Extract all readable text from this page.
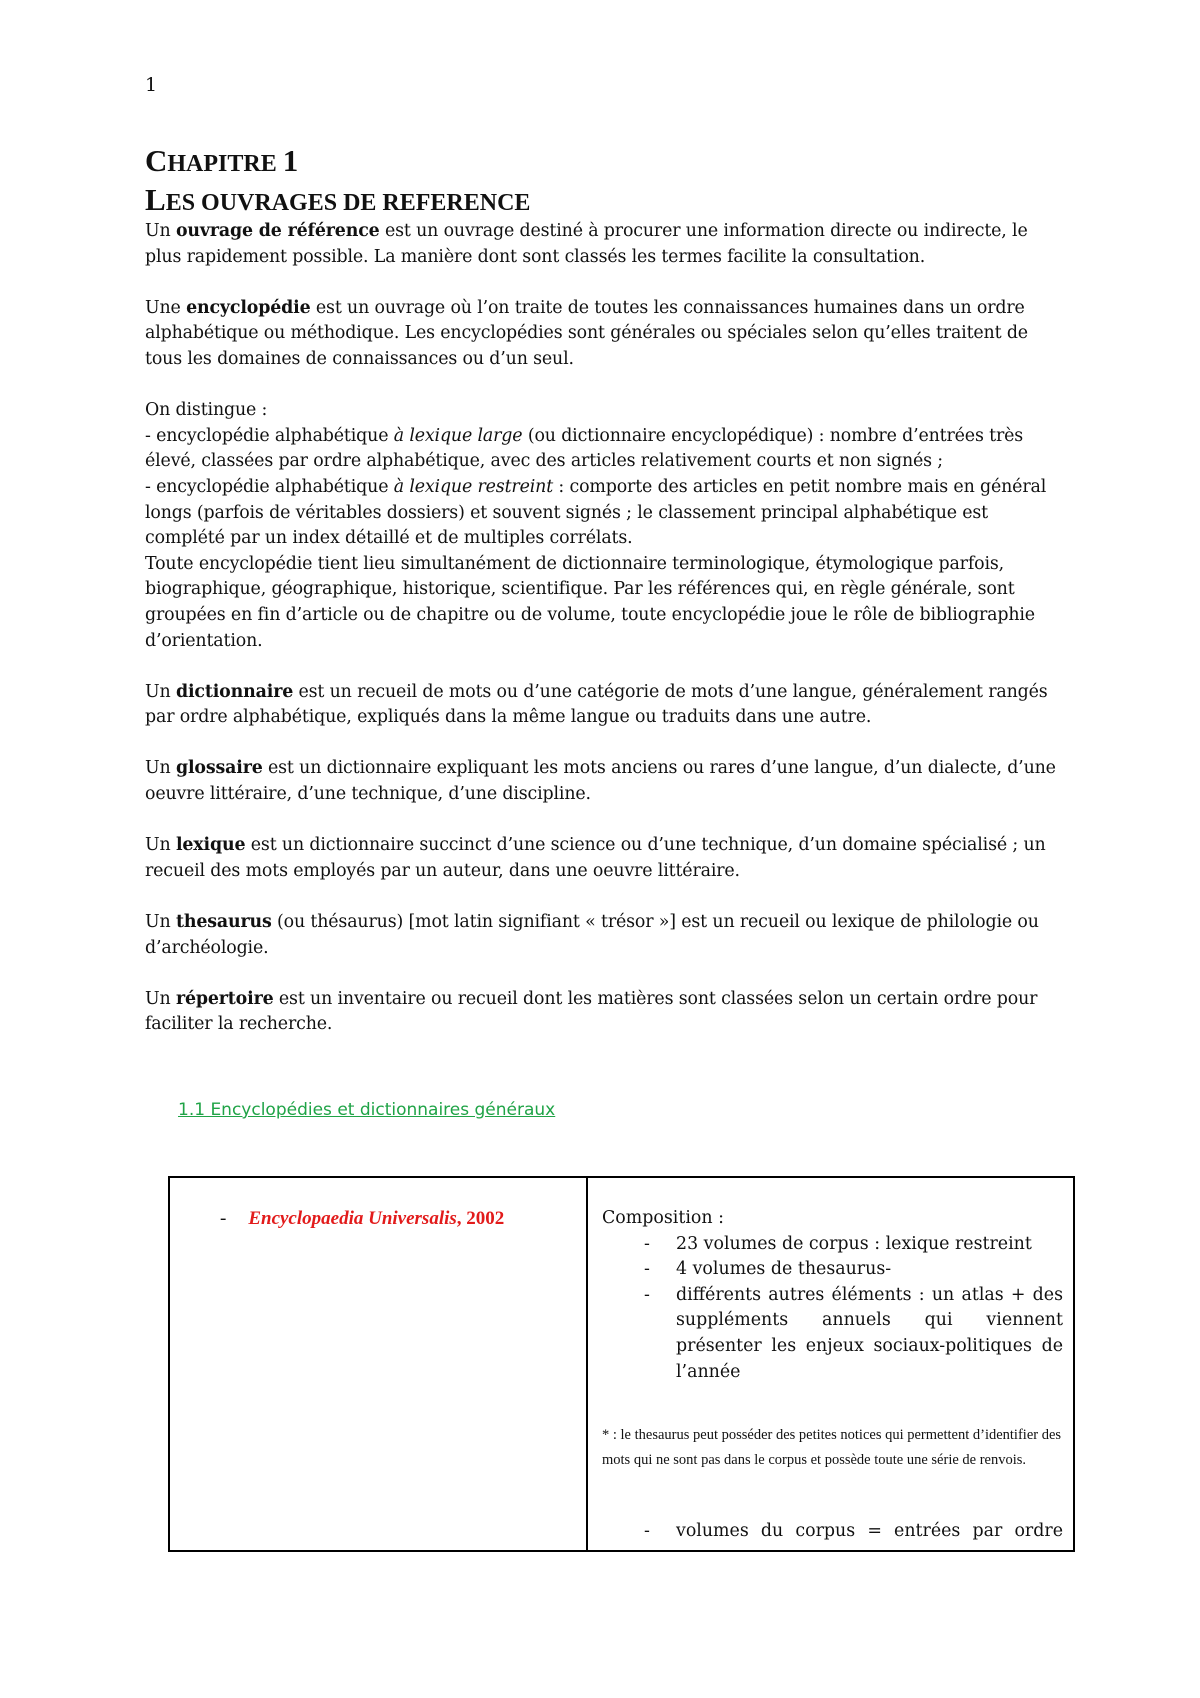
1
CHAPITRE 1
LES OUVRAGES DE REFERENCE

Un ouvrage de référence est un ouvrage destiné à procurer une information directe ou indirecte, le plus rapidement possible. La manière dont sont classés les termes facilite la consultation.

Une encyclopédie est un ouvrage où l’on traite de toutes les connaissances humaines dans un ordre alphabétique ou méthodique. Les encyclopédies sont générales ou spéciales selon qu’elles traitent de tous les domaines de connaissances ou d’un seul.

On distingue :
- encyclopédie alphabétique à lexique large (ou dictionnaire encyclopédique) : nombre d’entrées très élevé, classées par ordre alphabétique, avec des articles relativement courts et non signés ;
- encyclopédie alphabétique à lexique restreint : comporte des articles en petit nombre mais en général longs (parfois de véritables dossiers) et souvent signés ; le classement principal alphabétique est complété par un index détaillé et de multiples corrélats.
Toute encyclopédie tient lieu simultanément de dictionnaire terminologique, étymologique parfois, biographique, géographique, historique, scientifique. Par les références qui, en règle générale, sont groupées en fin d’article ou de chapitre ou de volume, toute encyclopédie joue le rôle de bibliographie d’orientation.

Un dictionnaire est un recueil de mots ou d’une catégorie de mots d’une langue, généralement rangés par ordre alphabétique, expliqués dans la même langue ou traduits dans une autre.

Un glossaire est un dictionnaire expliquant les mots anciens ou rares d’une langue, d’un dialecte, d’une oeuvre littéraire, d’une technique, d’une discipline.

Un lexique est un dictionnaire succinct d’une science ou d’une technique, d’un domaine spécialisé ; un recueil des mots employés par un auteur, dans une oeuvre littéraire.

Un thesaurus (ou thésaurus) [mot latin signifiant « trésor »] est un recueil ou lexique de philologie ou d’archéologie.

Un répertoire est un inventaire ou recueil dont les matières sont classées selon un certain ordre pour faciliter la recherche.

1.1 Encyclopédies et dictionnaires généraux
- Encyclopaedia Universalis, 2002	Composition :

- 23 volumes de corpus : lexique restreint
- 4 volumes de thesaurus-
- différents autres éléments : un atlas + des suppléments annuels qui viennent présenter les enjeux sociaux-politiques de l’année

* : le thesaurus peut posséder des petites notices qui permettent d’identifier des mots qui ne sont pas dans le corpus et possède toute une série de renvois.

- volumes du corpus = entrées par ordre
